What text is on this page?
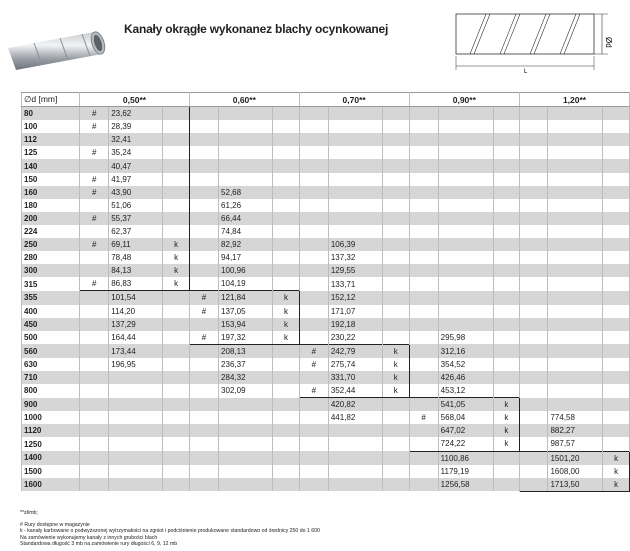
Kanały okrągłe wykonanez blachy ocynkowanej
Ød
L
∅d [mm]	0,50**			0,60**			0,70**			0,90**			1,20**		
80	#	23,62													
100	#	28,39													
112		32,41													
125	#	35,24													
140		40,47													
150	#	41,97													
160	#	43,90			52,68										
180		51,06			61,26										
200	#	55,37			66,44										
224		62,37			74,84										
250	#	69,11	k		82,92			106,39							
280		78,48	k		94,17			137,32							
300		84,13	k		100,96			129,55							
315	#	86,83	k		104,19			133,71							
355		101,54		#	121,84	k		152,12							
400		114,20		#	137,05	k		171,07							
450		137,29			153,94	k		192,18							
500		164,44		#	197,32	k		230,22			295,98				
560		173,44			208,13		#	242,79	k		312,16				
630		196,95			236,37		#	275,74	k		354,52				
710					284,32			331,70	k		426,46				
800					302,09		#	352,44	k		453,12				
900								420,82			541,05	k			
1000								441,82		#	568,04	k		774,58	
1120											647,02	k		882,27	
1250											724,22	k		987,57	
1400											1100,86			1501,20	k
1500											1179,19			1608,00	k
1600											1256,58			1713,50	k
**zł/mb;
# Rury dostępne w magazynie
k - kanały karbowane o podwyższonej wytrzymałości na zgniot i podciśnienie produkowane standardowo od średnicy 250 do 1 600
Na zamówienie wykonujemy kanały z innych grubości blach
Standardowa długość 3 mb na zamówienie rury długości 6, 9, 12 mb
